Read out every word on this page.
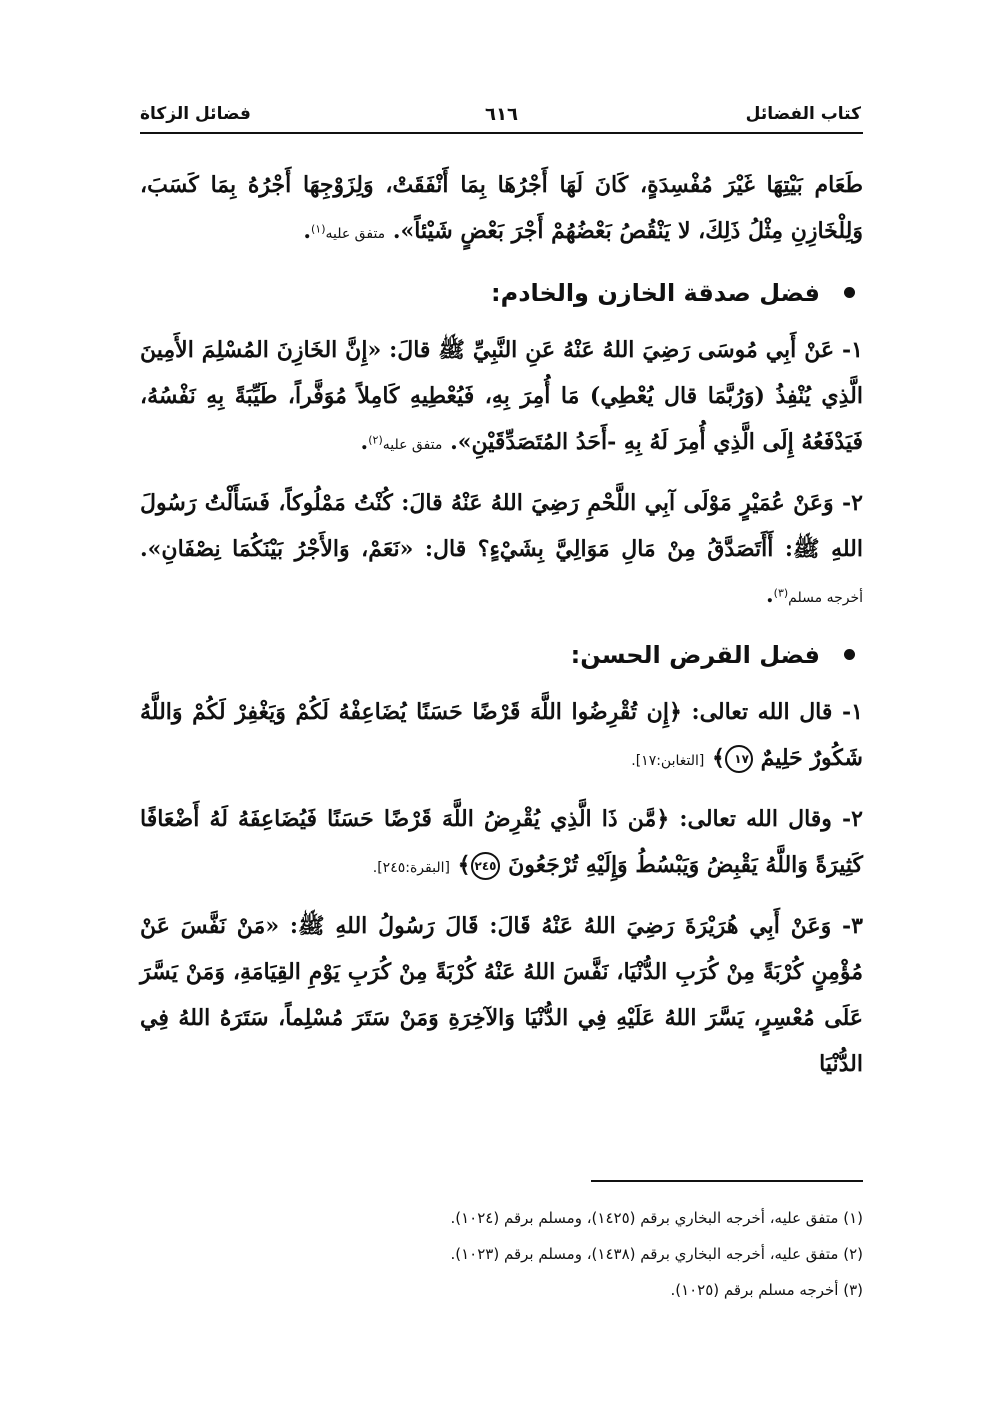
كتاب الفضائل
٦١٦
فضائل الزكاة

طَعَام بَيْتِهَا غَيْرَ مُفْسِدَةٍ، كَانَ لَهَا أَجْرُهَا بِمَا أَنْفَقَتْ، وَلِزَوْجِهَا أَجْرُهُ بِمَا كَسَبَ، وَلِلْخَازِنِ مِثْلُ ذَلِكَ، لا يَنْقُصُ بَعْضُهُمْ أَجْرَ بَعْضٍ شَيْئاً». متفق عليه$^{(١)}$.

فضل صدقة الخازن والخادم:

١- عَنْ أَبِي مُوسَى رَضِيَ اللهُ عَنْهُ عَنِ النَّبِيِّ ﷺ قالَ: «إِنَّ الخَازِنَ المُسْلِمَ الأَمِينَ الَّذِي يُنْفِذُ (وَرُبَّمَا قال يُعْطِي) مَا أُمِرَ بِهِ، فَيُعْطِيهِ كَامِلاً مُوَفَّراً، طَيِّبَةً بِهِ نَفْسُهُ، فَيَدْفَعُهُ إِلَى الَّذِي أُمِرَ لَهُ بِهِ -أَحَدُ المُتَصَدِّقَيْنِ». متفق عليه$^{(٢)}$.

٢- وَعَنْ عُمَيْرٍ مَوْلَى آبِي اللَّحْمِ رَضِيَ اللهُ عَنْهُ قالَ: كُنْتُ مَمْلُوكاً، فَسَأَلْتُ رَسُولَ اللهِ ﷺ: أَأَتَصَدَّقُ مِنْ مَالِ مَوَالِيَّ بِشَيْءٍ؟ قال: «نَعَمْ، وَالأَجْرُ بَيْنَكُمَا نِصْفَانِ». أخرجه مسلم$^{(٣)}$.

فضل القرض الحسن:

١- قال الله تعالى: ﴿إِن تُقْرِضُوا اللَّهَ قَرْضًا حَسَنًا يُضَاعِفْهُ لَكُمْ وَيَغْفِرْ لَكُمْ وَاللَّهُ شَكُورٌ حَلِيمٌ ١٧﴾ [التغابن:١٧].

٢- وقال الله تعالى: ﴿مَّن ذَا الَّذِي يُقْرِضُ اللَّهَ قَرْضًا حَسَنًا فَيُضَاعِفَهُ لَهُ أَضْعَافًا كَثِيرَةً وَاللَّهُ يَقْبِضُ وَيَبْسُطُ وَإِلَيْهِ تُرْجَعُونَ ٢٤٥﴾ [البقرة:٢٤٥].

٣- وَعَنْ أَبِي هُرَيْرَةَ رَضِيَ اللهُ عَنْهُ قَالَ: قَالَ رَسُولُ اللهِ ﷺ: «مَنْ نَفَّسَ عَنْ مُؤْمِنٍ كُرْبَةً مِنْ كُرَبِ الدُّنْيَا، نَفَّسَ اللهُ عَنْهُ كُرْبَةً مِنْ كُرَبِ يَوْمِ القِيَامَةِ، وَمَنْ يَسَّرَ عَلَى مُعْسِرٍ، يَسَّرَ اللهُ عَلَيْهِ فِي الدُّنْيَا وَالآخِرَةِ وَمَنْ سَتَرَ مُسْلِماً، سَتَرَهُ اللهُ فِي الدُّنْيَا

(١) متفق عليه، أخرجه البخاري برقم (١٤٢٥)، ومسلم برقم (١٠٢٤).
(٢) متفق عليه، أخرجه البخاري برقم (١٤٣٨)، ومسلم برقم (١٠٢٣).
(٣) أخرجه مسلم برقم (١٠٢٥).
